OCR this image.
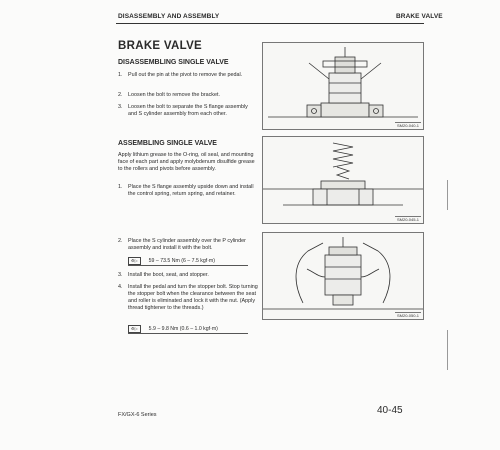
DISASSEMBLY AND ASSEMBLY	BRAKE VALVE
BRAKE VALVE
DISASSEMBLING SINGLE VALVE
1.	Pull out the pin at the pivot to remove the pedal.
2.	Loosen the bolt to remove the bracket.
3.	Loosen the bolt to separate the S flange assembly and S cylinder assembly from each other.
ASSEMBLING SINGLE VALVE
Apply lithium grease to the O-ring, oil seal, and mounting face of each part and apply molybdenum disulfide grease to the rollers and pivots before assembly.
1.	Place the S flange assembly upside down and install the control spring, return spring, and retainer.
2.	Place the S cylinder assembly over the P cylinder assembly and install it with the bolt.
⚙▷	59 – 73.5 Nm (6 – 7.5 kgf·m)
3.	Install the boot, seat, and stopper.
4.	Install the pedal and turn the stopper bolt. Stop turning the stopper bolt when the clearance between the seat and roller is eliminated and lock it with the nut. (Apply thread tightener to the threads.)
⚙▷	5.9 – 9.8 Nm (0.6 – 1.0 kgf·m)
SM20-040-1
SM20-045-1
SM20-050-1
FX/GX-6 Series	40-45
